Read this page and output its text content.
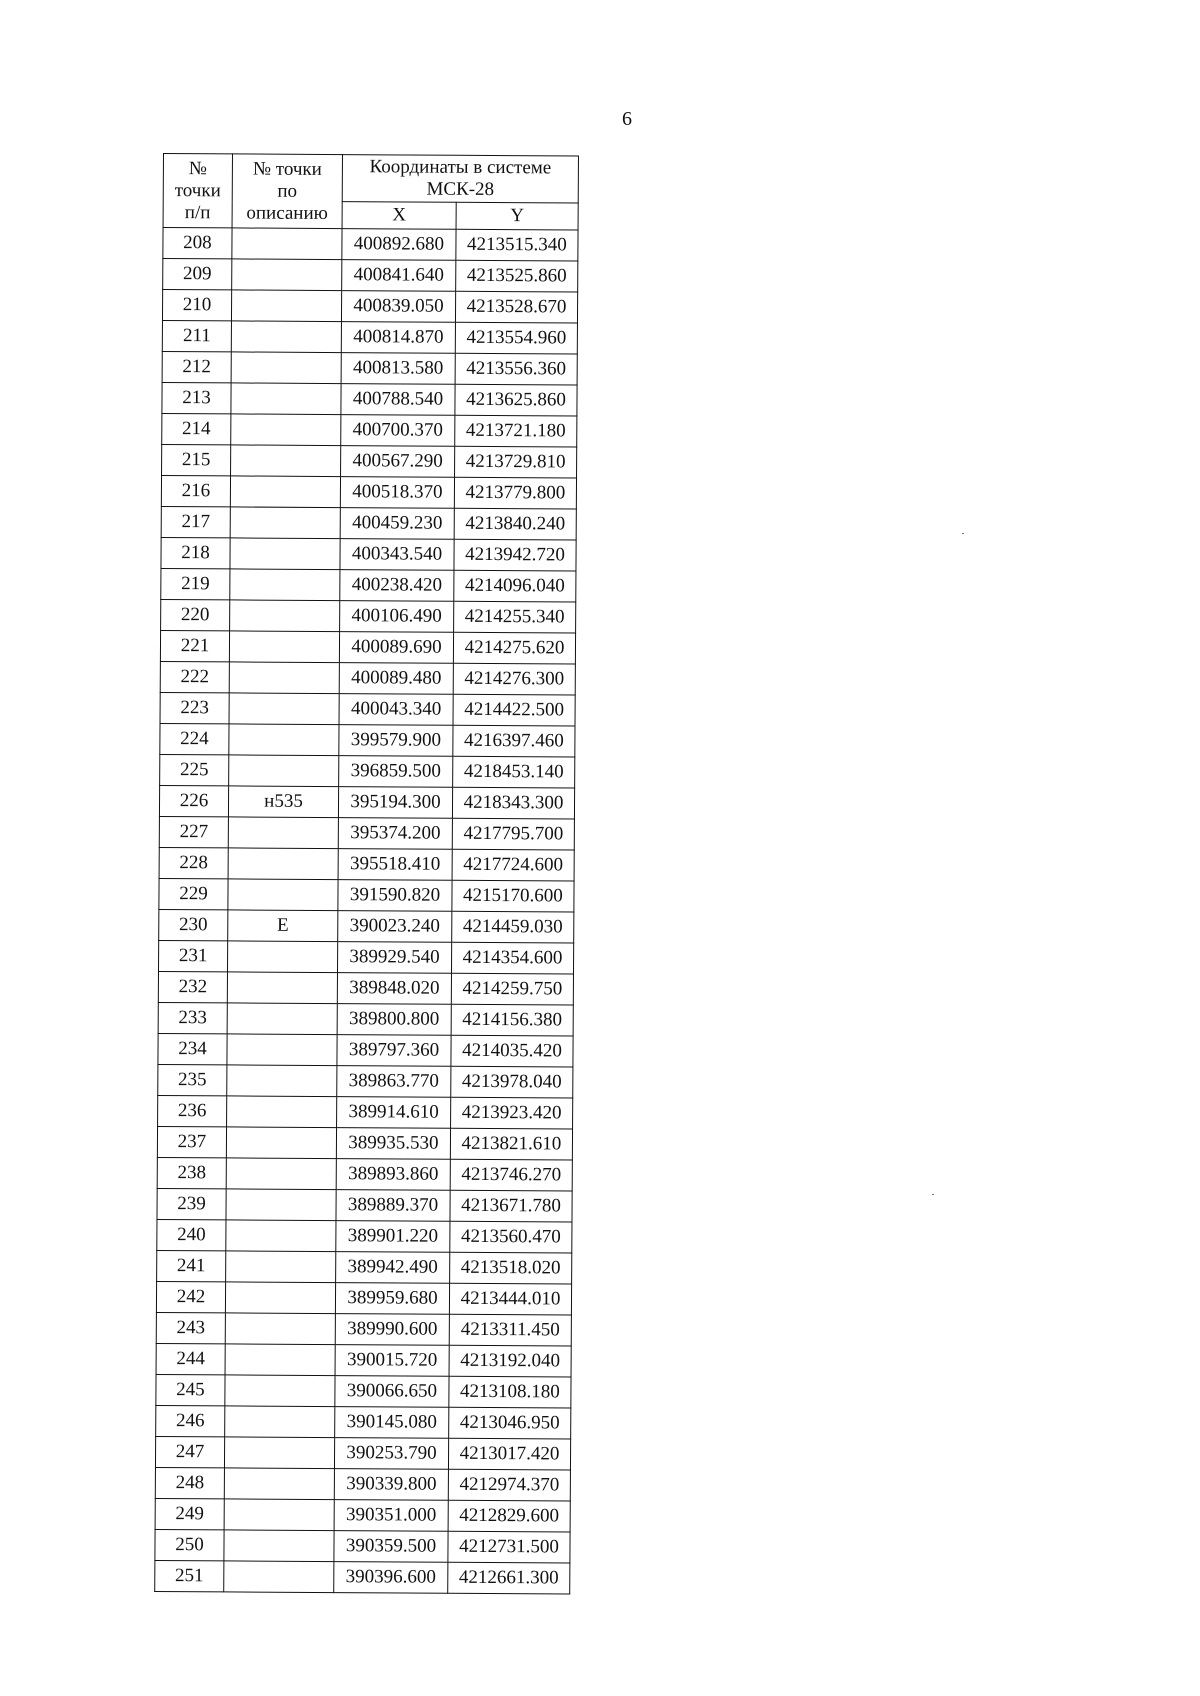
6
№
точки
п/п	№ точки
по
описанию	Координаты в системе
МСК-28	
		X	Y
208		400892.680	4213515.340
209		400841.640	4213525.860
210		400839.050	4213528.670
211		400814.870	4213554.960
212		400813.580	4213556.360
213		400788.540	4213625.860
214		400700.370	4213721.180
215		400567.290	4213729.810
216		400518.370	4213779.800
217		400459.230	4213840.240
218		400343.540	4213942.720
219		400238.420	4214096.040
220		400106.490	4214255.340
221		400089.690	4214275.620
222		400089.480	4214276.300
223		400043.340	4214422.500
224		399579.900	4216397.460
225		396859.500	4218453.140
226	н535	395194.300	4218343.300
227		395374.200	4217795.700
228		395518.410	4217724.600
229		391590.820	4215170.600
230	Е	390023.240	4214459.030
231		389929.540	4214354.600
232		389848.020	4214259.750
233		389800.800	4214156.380
234		389797.360	4214035.420
235		389863.770	4213978.040
236		389914.610	4213923.420
237		389935.530	4213821.610
238		389893.860	4213746.270
239		389889.370	4213671.780
240		389901.220	4213560.470
241		389942.490	4213518.020
242		389959.680	4213444.010
243		389990.600	4213311.450
244		390015.720	4213192.040
245		390066.650	4213108.180
246		390145.080	4213046.950
247		390253.790	4213017.420
248		390339.800	4212974.370
249		390351.000	4212829.600
250		390359.500	4212731.500
251		390396.600	4212661.300
